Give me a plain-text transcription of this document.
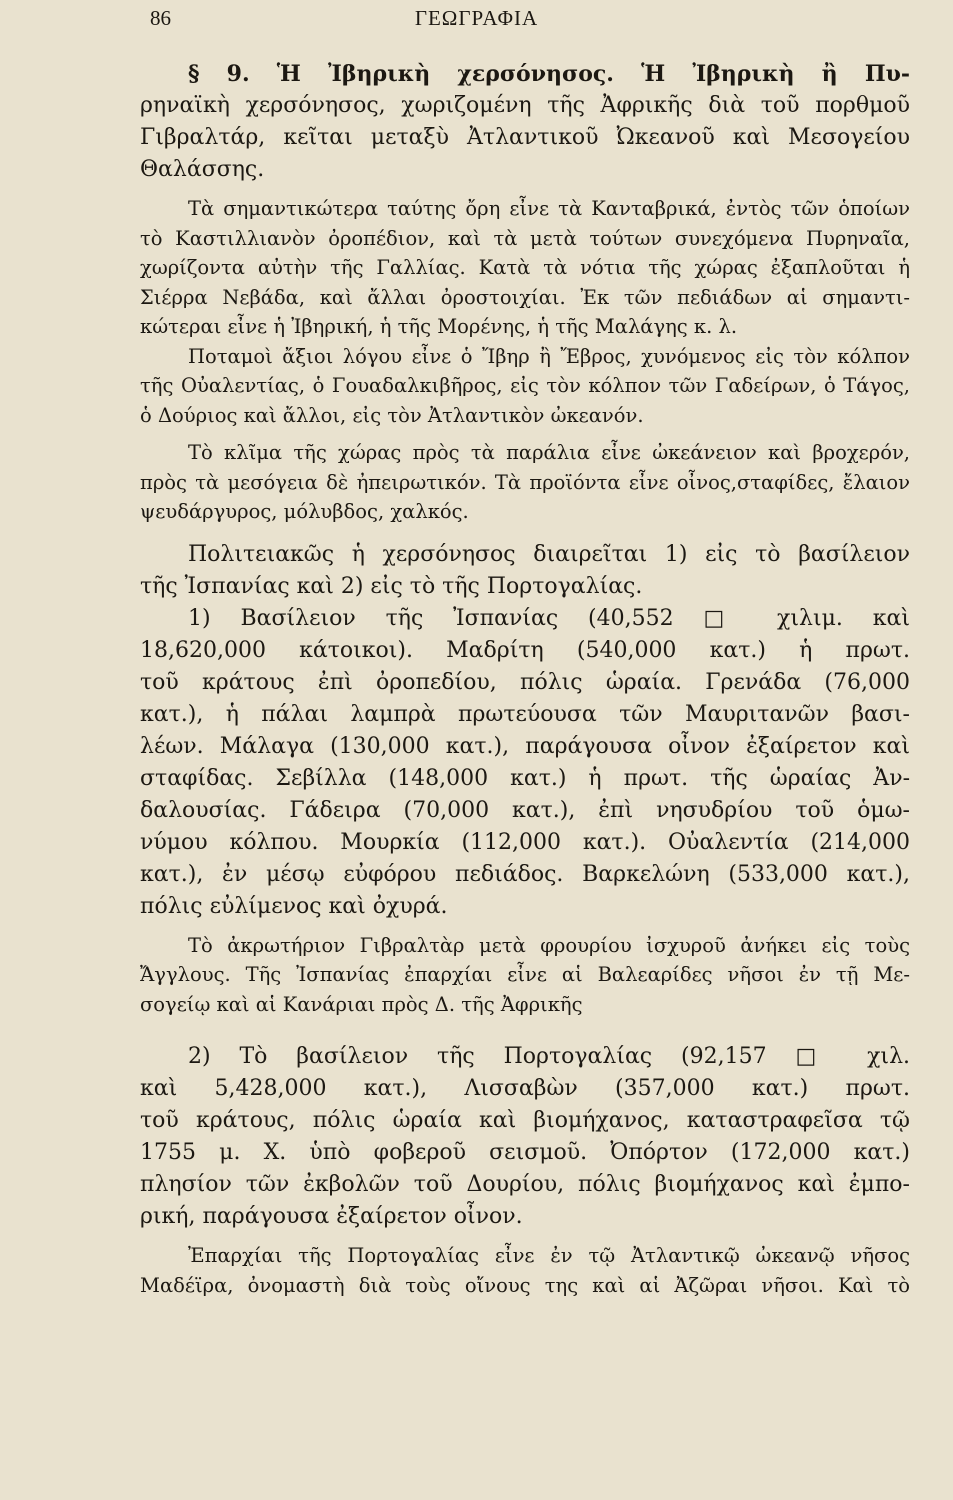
86	ΓΕΩΓΡΑΦΙΑ
§ 9. Ἡ Ἰβηρικὴ χερσόνησος. Ἡ Ἰβηρικὴ ἢ Πυ-
ρηναϊκὴ χερσόνησος, χωριζομένη τῆς Ἀφρικῆς διὰ τοῦ πορθμοῦ
Γιβραλτάρ, κεῖται μεταξὺ Ἀτλαντικοῦ Ὠκεανοῦ καὶ Μεσογείου
Θαλάσσης.
Τὰ σημαντικώτερα ταύτης ὄρη εἶνε τὰ Κανταβρικά, ἐντὸς τῶν ὁποίων
τὸ Καστιλλιανὸν ὀροπέδιον, καὶ τὰ μετὰ τούτων συνεχόμενα Πυρηναῖα,
χωρίζοντα αὐτὴν τῆς Γαλλίας. Κατὰ τὰ νότια τῆς χώρας ἐξαπλοῦται ἡ
Σιέρρα Νεβάδα, καὶ ἄλλαι ὀροστοιχίαι. Ἐκ τῶν πεδιάδων αἱ σημαντι-
κώτεραι εἶνε ἡ Ἰβηρική, ἡ τῆς Μορένης, ἡ τῆς Μαλάγης κ. λ.
Ποταμοὶ ἄξιοι λόγου εἶνε ὁ Ἴβηρ ἢ Ἔβρος, χυνόμενος εἰς τὸν κόλπον
τῆς Οὐαλεντίας, ὁ Γουαδαλκιβῆρος, εἰς τὸν κόλπον τῶν Γαδείρων, ὁ Τάγος,
ὁ Δούριος καὶ ἄλλοι, εἰς τὸν Ἀτλαντικὸν ὠκεανόν.
Τὸ κλῖμα τῆς χώρας πρὸς τὰ παράλια εἶνε ὠκεάνειον καὶ βροχερόν,
πρὸς τὰ μεσόγεια δὲ ἠπειρωτικόν. Τὰ προϊόντα εἶνε οἶνος,σταφίδες, ἔλαιον
ψευδάργυρος, μόλυβδος, χαλκός.
Πολιτειακῶς ἡ χερσόνησος διαιρεῖται 1) εἰς τὸ βασίλειον
τῆς Ἰσπανίας καὶ 2) εἰς τὸ τῆς Πορτογαλίας.
1) Βασίλειον τῆς Ἰσπανίας (40,552 □ χιλιμ. καὶ
18,620,000 κάτοικοι). Μαδρίτη (540,000 κατ.) ἡ πρωτ.
τοῦ κράτους ἐπὶ ὀροπεδίου, πόλις ὡραία. Γρενάδα (76,000
κατ.), ἡ πάλαι λαμπρὰ πρωτεύουσα τῶν Μαυριτανῶν βασι-
λέων. Μάλαγα (130,000 κατ.), παράγουσα οἶνον ἐξαίρετον καὶ
σταφίδας. Σεβίλλα (148,000 κατ.) ἡ πρωτ. τῆς ὡραίας Ἀν-
δαλουσίας. Γάδειρα (70,000 κατ.), ἐπὶ νησυδρίου τοῦ ὁμω-
νύμου κόλπου. Μουρκία (112,000 κατ.). Οὐαλεντία (214,000
κατ.), ἐν μέσῳ εὐφόρου πεδιάδος. Βαρκελώνη (533,000 κατ.),
πόλις εὐλίμενος καὶ ὀχυρά.
Τὸ ἀκρωτήριον Γιβραλτὰρ μετὰ φρουρίου ἰσχυροῦ ἀνήκει εἰς τοὺς
Ἄγγλους. Τῆς Ἰσπανίας ἐπαρχίαι εἶνε αἱ Βαλεαρίδες νῆσοι ἐν τῇ Με-
σογείῳ καὶ αἱ Κανάριαι πρὸς Δ. τῆς Ἀφρικῆς
2) Τὸ βασίλειον τῆς Πορτογαλίας (92,157 □ χιλ.
καὶ 5,428,000 κατ.), Λισσαβὼν (357,000 κατ.) πρωτ.
τοῦ κράτους, πόλις ὡραία καὶ βιομήχανος, καταστραφεῖσα τῷ
1755 μ. Χ. ὑπὸ φοβεροῦ σεισμοῦ. Ὀπόρτον (172,000 κατ.)
πλησίον τῶν ἐκβολῶν τοῦ Δουρίου, πόλις βιομήχανος καὶ ἐμπο-
ρική, παράγουσα ἐξαίρετον οἶνον.
Ἐπαρχίαι τῆς Πορτογαλίας εἶνε ἐν τῷ Ἀτλαντικῷ ὠκεανῷ νῆσος
Μαδέϊρα, ὀνομαστὴ διὰ τοὺς οἴνους της καὶ αἱ Ἀζῶραι νῆσοι. Καὶ τὸ
